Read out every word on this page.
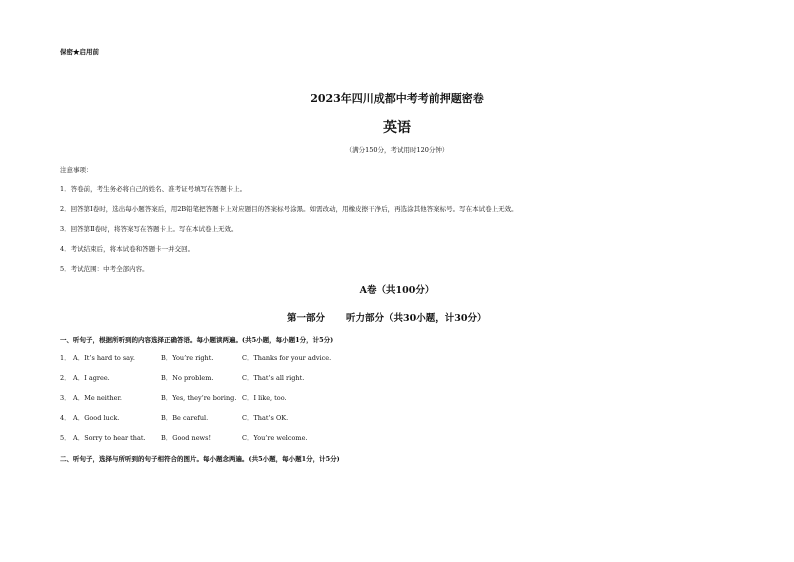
保密★启用前
2023年四川成都中考考前押题密卷
英语
（满分150分，考试用时120分钟）
注意事项：
1．答卷前，考生务必将自己的姓名、准考证号填写在答题卡上。
2．回答第Ⅰ卷时，选出每小题答案后，用2B铅笔把答题卡上对应题目的答案标号涂黑。如需改动，用橡皮擦干净后，再选涂其他答案标号。写在本试卷上无效。
3．回答第Ⅱ卷时，将答案写在答题卡上。写在本试卷上无效。
4．考试结束后，将本试卷和答题卡一并交回。
5．考试范围：中考全部内容。
A卷（共100分）
第一部分 听力部分（共30小题，计30分）
一、听句子，根据所听到的内容选择正确答语。每小题读两遍。(共5小题，每小题1分，计5分)
1． A．It’s hard to say.	B．You’re right.	C．Thanks for your advice.
2． A．I agree.	B．No problem.	C．That’s all right.
3． A．Me neither.	B．Yes, they’re boring. C．I like, too.
4． A．Good luck.	B．Be careful.	C．That’s OK.
5． A．Sorry to hear that. B．Good news!	C．You’re welcome.
二、听句子，选择与所听到的句子相符合的图片。每小题念两遍。(共5小题，每小题1分，计5分)
